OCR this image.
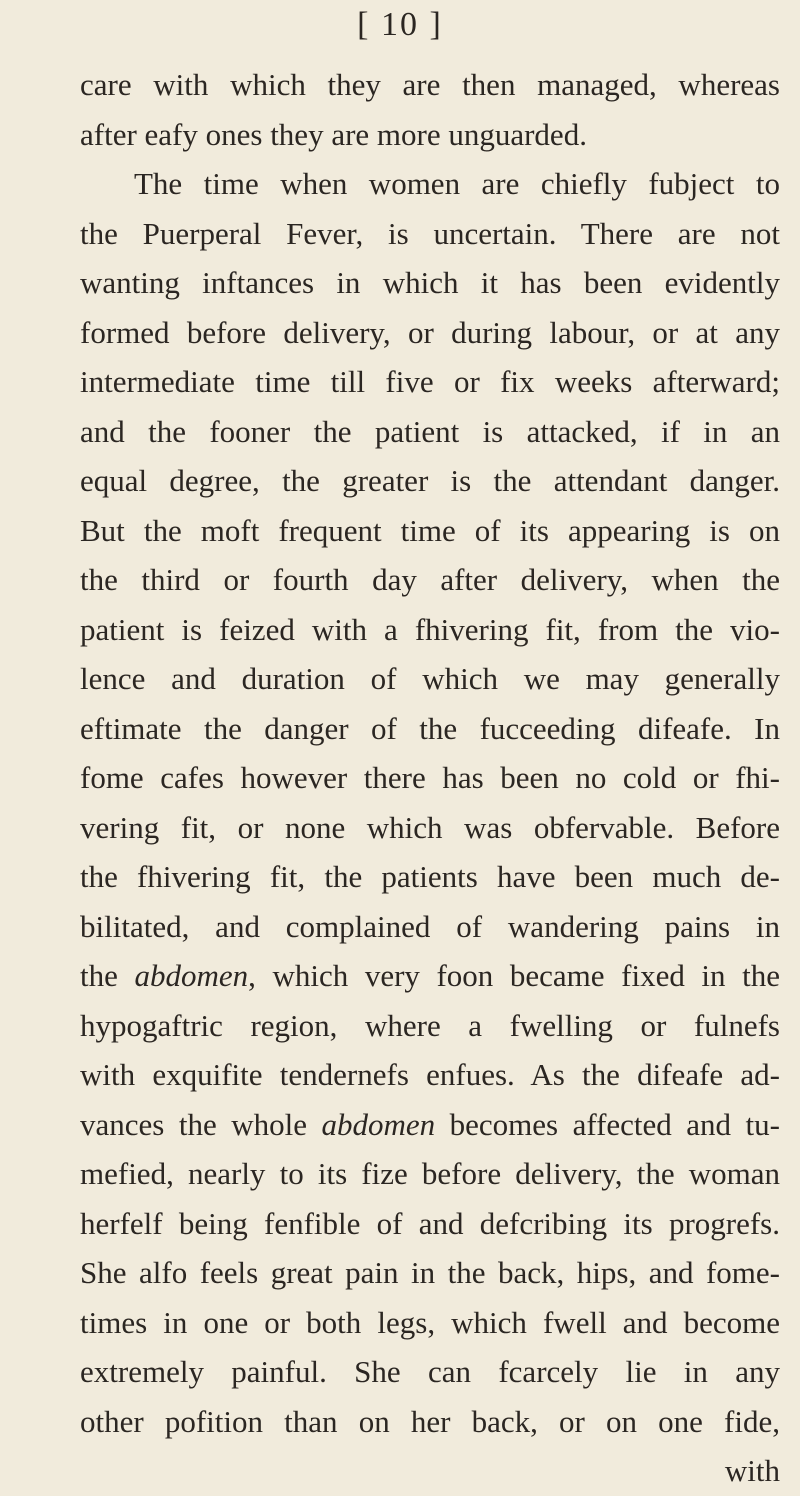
[ 10 ]
care with which they are then managed, whereas
after eafy ones they are more unguarded.
The time when women are chiefly fubject to
the Puerperal Fever, is uncertain. There are not
wanting inftances in which it has been evidently
formed before delivery, or during labour, or at any
intermediate time till five or fix weeks afterward;
and the fooner the patient is attacked, if in an
equal degree, the greater is the attendant danger.
But the moft frequent time of its appearing is on
the third or fourth day after delivery, when the
patient is feized with a fhivering fit, from the vio-
lence and duration of which we may generally
eftimate the danger of the fucceeding difeafe. In
fome cafes however there has been no cold or fhi-
vering fit, or none which was obfervable. Before
the fhivering fit, the patients have been much de-
bilitated, and complained of wandering pains in
the abdomen, which very foon became fixed in the
hypogaftric region, where a fwelling or fulnefs
with exquifite tendernefs enfues. As the difeafe ad-
vances the whole abdomen becomes affected and tu-
mefied, nearly to its fize before delivery, the woman
herfelf being fenfible of and defcribing its progrefs.
She alfo feels great pain in the back, hips, and fome-
times in one or both legs, which fwell and become
extremely painful. She can fcarcely lie in any
other pofition than on her back, or on one fide,
with
